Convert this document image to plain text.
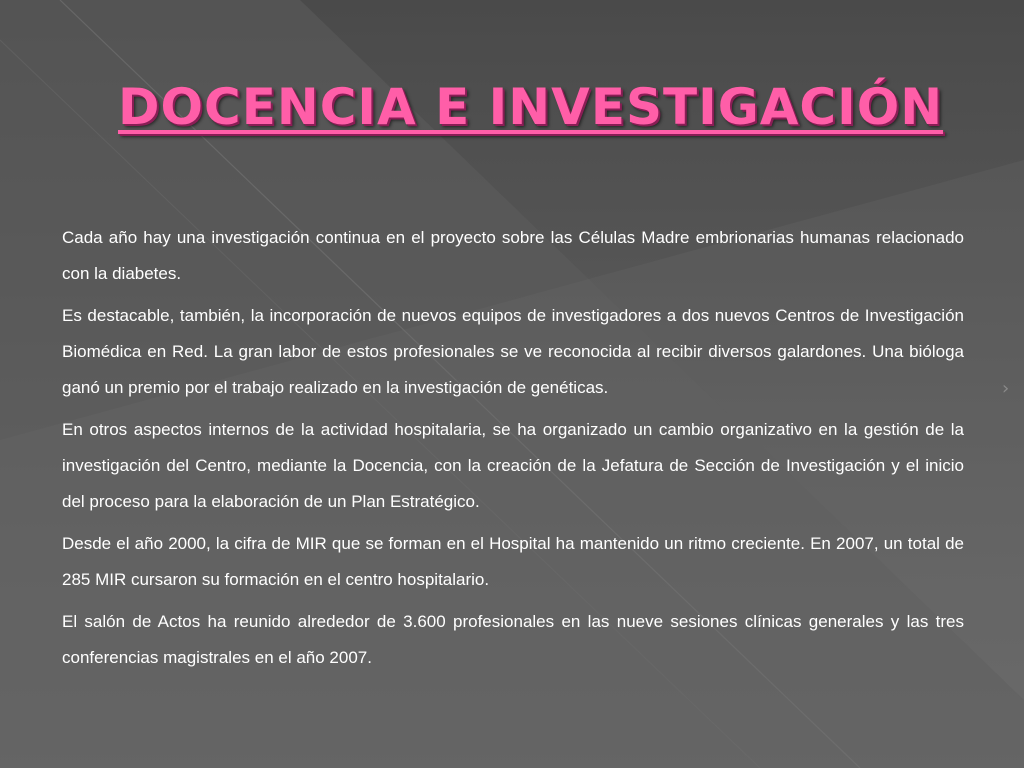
DOCENCIA E INVESTIGACIÓN

Cada año hay una investigación continua en el proyecto sobre las Células Madre embrionarias humanas relacionado con la diabetes.

Es destacable, también, la incorporación de nuevos equipos de investigadores a dos nuevos Centros de Investigación Biomédica en Red. La gran labor de estos profesionales se ve reconocida al recibir diversos galardones. Una bióloga ganó un premio por el trabajo realizado en la investigación de genéticas.

En otros aspectos internos de la actividad hospitalaria, se ha organizado un cambio organizativo en la gestión de la investigación del Centro, mediante la Docencia, con la creación de la Jefatura de Sección de Investigación y el inicio del proceso para la elaboración de un Plan Estratégico.

Desde el año 2000, la cifra de MIR que se forman en el Hospital ha mantenido un ritmo creciente. En 2007, un total de 285 MIR cursaron su formación en el centro hospitalario.

El salón de Actos ha reunido alrededor de 3.600 profesionales en las nueve sesiones clínicas generales y las tres conferencias magistrales en el año 2007.

›
